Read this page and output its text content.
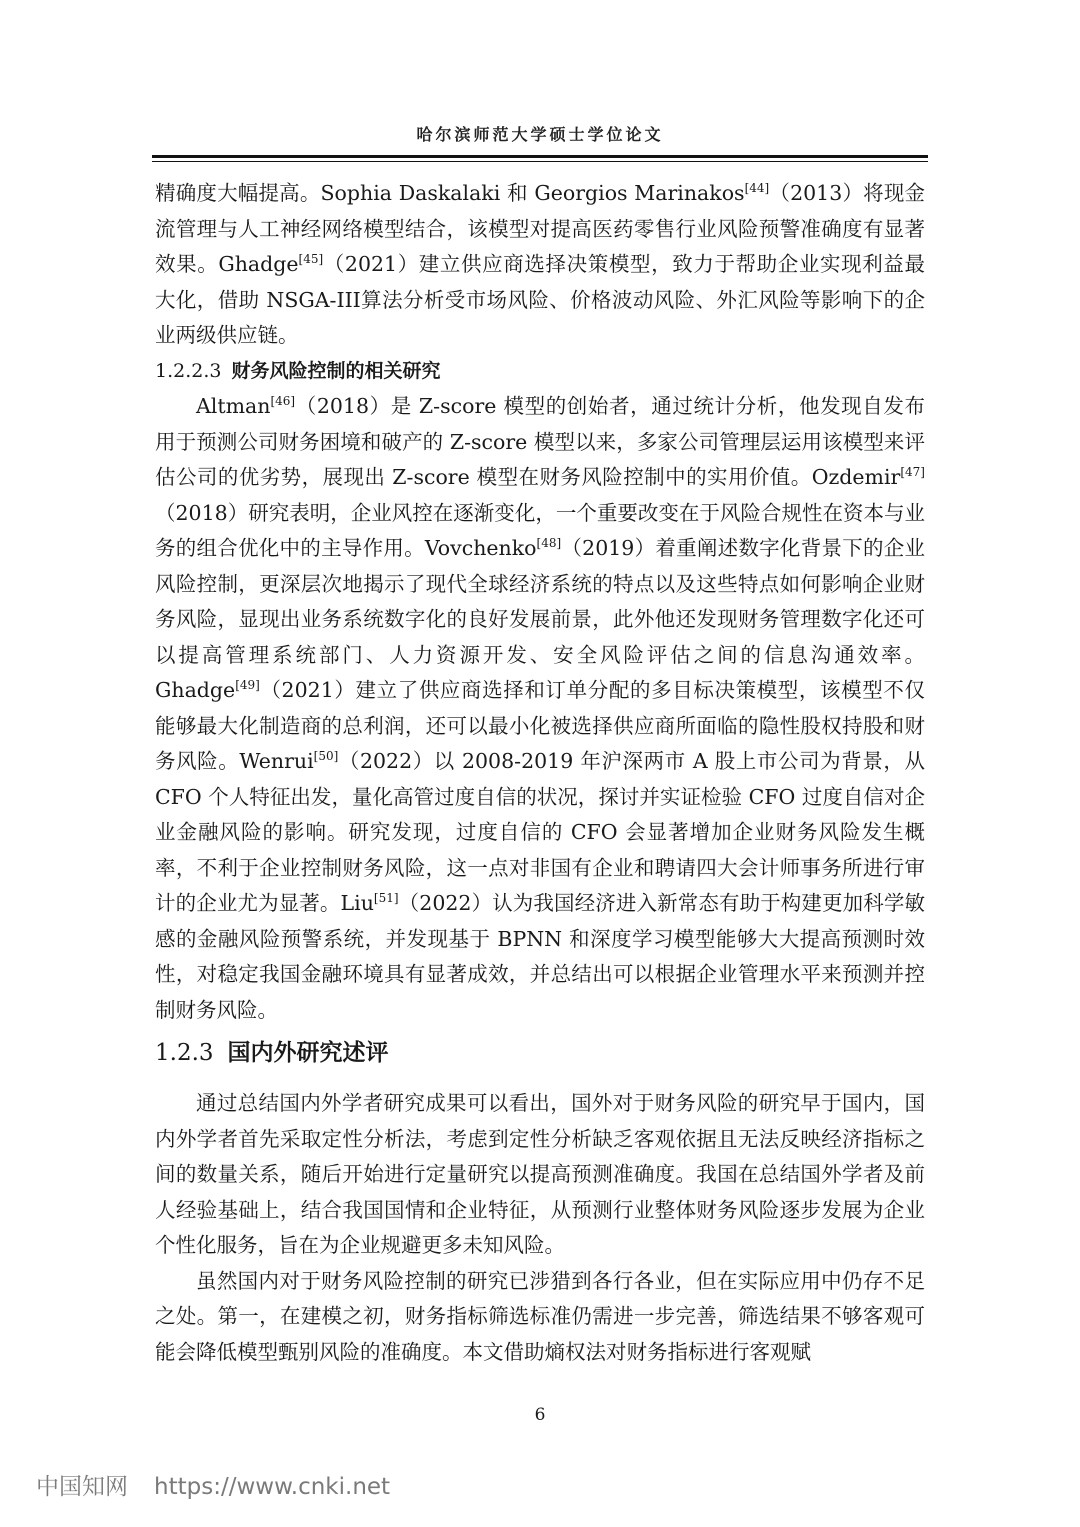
哈尔滨师范大学硕士学位论文

精确度大幅提高。Sophia Daskalaki 和 Georgios Marinakos[44]（2013）将现金流管理与人工神经网络模型结合，该模型对提高医药零售行业风险预警准确度有显著效果。Ghadge[45]（2021）建立供应商选择决策模型，致力于帮助企业实现利益最大化，借助 NSGA-III算法分析受市场风险、价格波动风险、外汇风险等影响下的企业两级供应链。

1.2.2.3 财务风险控制的相关研究

Altman[46]（2018）是 Z-score 模型的创始者，通过统计分析，他发现自发布用于预测公司财务困境和破产的 Z-score 模型以来，多家公司管理层运用该模型来评估公司的优劣势，展现出 Z-score 模型在财务风险控制中的实用价值。Ozdemir[47]（2018）研究表明，企业风控在逐渐变化，一个重要改变在于风险合规性在资本与业务的组合优化中的主导作用。Vovchenko[48]（2019）着重阐述数字化背景下的企业风险控制，更深层次地揭示了现代全球经济系统的特点以及这些特点如何影响企业财务风险，显现出业务系统数字化的良好发展前景，此外他还发现财务管理数字化还可以提高管理系统部门、人力资源开发、安全风险评估之间的信息沟通效率。Ghadge[49]（2021）建立了供应商选择和订单分配的多目标决策模型，该模型不仅能够最大化制造商的总利润，还可以最小化被选择供应商所面临的隐性股权持股和财务风险。Wenrui[50]（2022）以 2008-2019 年沪深两市 A 股上市公司为背景，从 CFO 个人特征出发，量化高管过度自信的状况，探讨并实证检验 CFO 过度自信对企业金融风险的影响。研究发现，过度自信的 CFO 会显著增加企业财务风险发生概率，不利于企业控制财务风险，这一点对非国有企业和聘请四大会计师事务所进行审计的企业尤为显著。Liu[51]（2022）认为我国经济进入新常态有助于构建更加科学敏感的金融风险预警系统，并发现基于 BPNN 和深度学习模型能够大大提高预测时效性，对稳定我国金融环境具有显著成效，并总结出可以根据企业管理水平来预测并控制财务风险。

1.2.3 国内外研究述评

通过总结国内外学者研究成果可以看出，国外对于财务风险的研究早于国内，国内外学者首先采取定性分析法，考虑到定性分析缺乏客观依据且无法反映经济指标之间的数量关系，随后开始进行定量研究以提高预测准确度。我国在总结国外学者及前人经验基础上，结合我国国情和企业特征，从预测行业整体财务风险逐步发展为企业个性化服务，旨在为企业规避更多未知风险。

虽然国内对于财务风险控制的研究已涉猎到各行各业，但在实际应用中仍存不足之处。第一，在建模之初，财务指标筛选标准仍需进一步完善，筛选结果不够客观可能会降低模型甄别风险的准确度。本文借助熵权法对财务指标进行客观赋

6
中国知网 https://www.cnki.net
